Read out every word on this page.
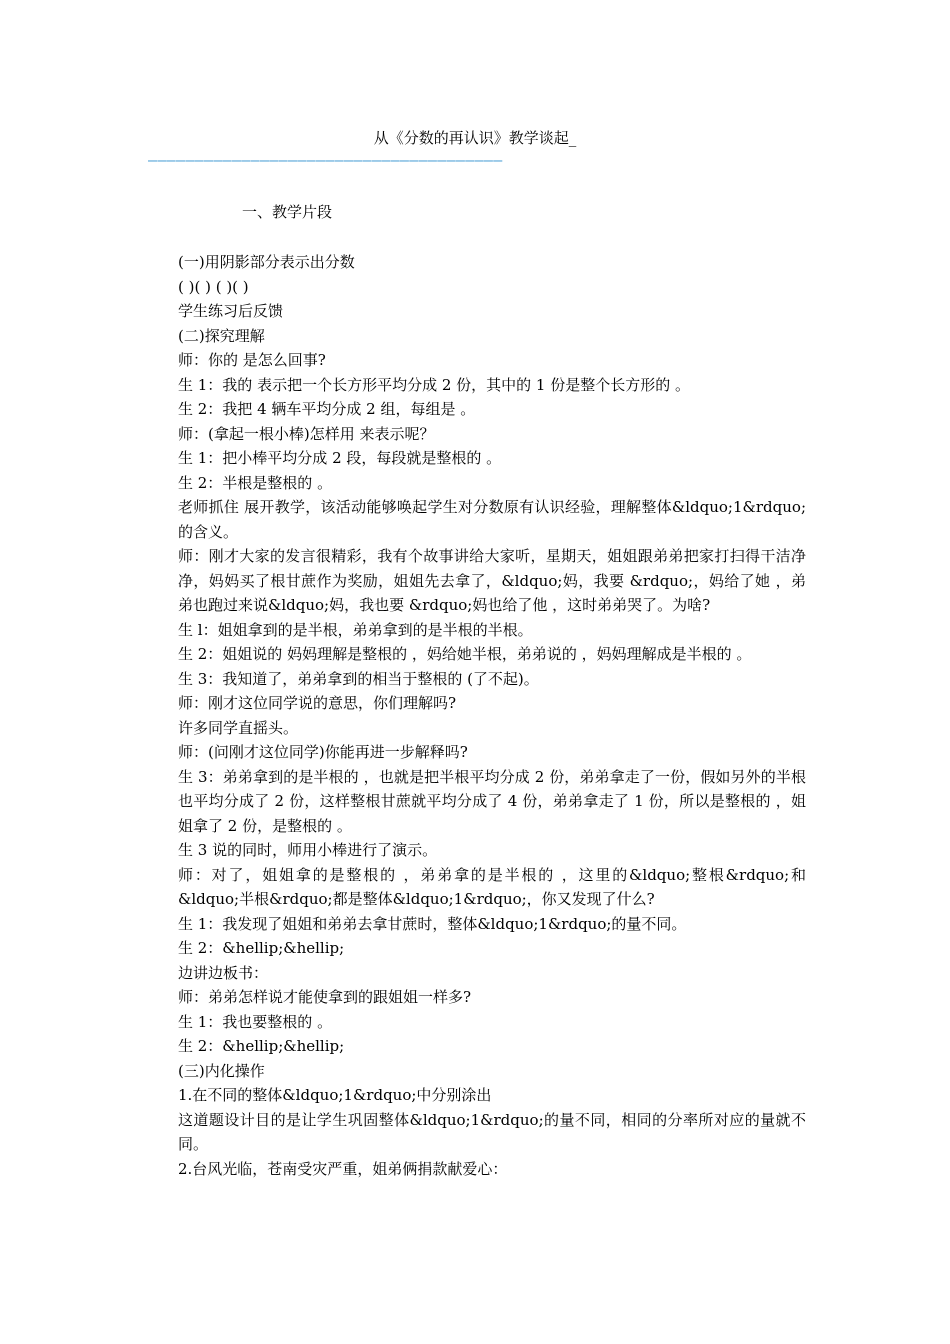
从《分数的再认识》教学谈起_
——————————————————————————————————————
一、教学片段

(一)用阴影部分表示出分数

( )( ) ( )( )

学生练习后反馈

(二)探究理解

师：你的 是怎么回事?

生 1：我的 表示把一个长方形平均分成 2 份，其中的 1 份是整个长方形的 。

生 2：我把 4 辆车平均分成 2 组，每组是 。

师：(拿起一根小棒)怎样用 来表示呢？

生 1：把小棒平均分成 2 段，每段就是整根的 。

生 2：半根是整根的 。

老师抓住 展开教学，该活动能够唤起学生对分数原有认识经验，理解整体&ldquo;1&rdquo;的含义。

师：刚才大家的发言很精彩，我有个故事讲给大家听，星期天，姐姐跟弟弟把家打扫得干洁净净，妈妈买了根甘蔗作为奖励，姐姐先去拿了，&ldquo;妈，我要 &rdquo;，妈给了她 ，弟弟也跑过来说&ldquo;妈，我也要 &rdquo;妈也给了他 ，这时弟弟哭了。为啥?

生 l：姐姐拿到的是半根，弟弟拿到的是半根的半根。

生 2：姐姐说的 妈妈理解是整根的 ，妈给她半根，弟弟说的 ，妈妈理解成是半根的 。

生 3：我知道了，弟弟拿到的相当于整根的 (了不起)。

师：刚才这位同学说的意思，你们理解吗?

许多同学直摇头。

师：(问刚才这位同学)你能再进一步解释吗?

生 3：弟弟拿到的是半根的 ，也就是把半根平均分成 2 份，弟弟拿走了一份，假如另外的半根也平均分成了 2 份，这样整根甘蔗就平均分成了 4 份，弟弟拿走了 1 份，所以是整根的 ，姐姐拿了 2 份，是整根的 。

生 3 说的同时，师用小棒进行了演示。

师：对了，姐姐拿的是整根的 ，弟弟拿的是半根的 ，这里的&ldquo;整根&rdquo;和&ldquo;半根&rdquo;都是整体&ldquo;1&rdquo;，你又发现了什么?

生 1：我发现了姐姐和弟弟去拿甘蔗时，整体&ldquo;1&rdquo;的量不同。

生 2：&hellip;&hellip;

边讲边板书：

师：弟弟怎样说才能使拿到的跟姐姐一样多?

生 1：我也要整根的 。

生 2：&hellip;&hellip;

(三)内化操作

1.在不同的整体&ldquo;1&rdquo;中分别涂出

这道题设计目的是让学生巩固整体&ldquo;1&rdquo;的量不同，相同的分率所对应的量就不同。

2.台风光临，苍南受灾严重，姐弟俩捐款献爱心：
